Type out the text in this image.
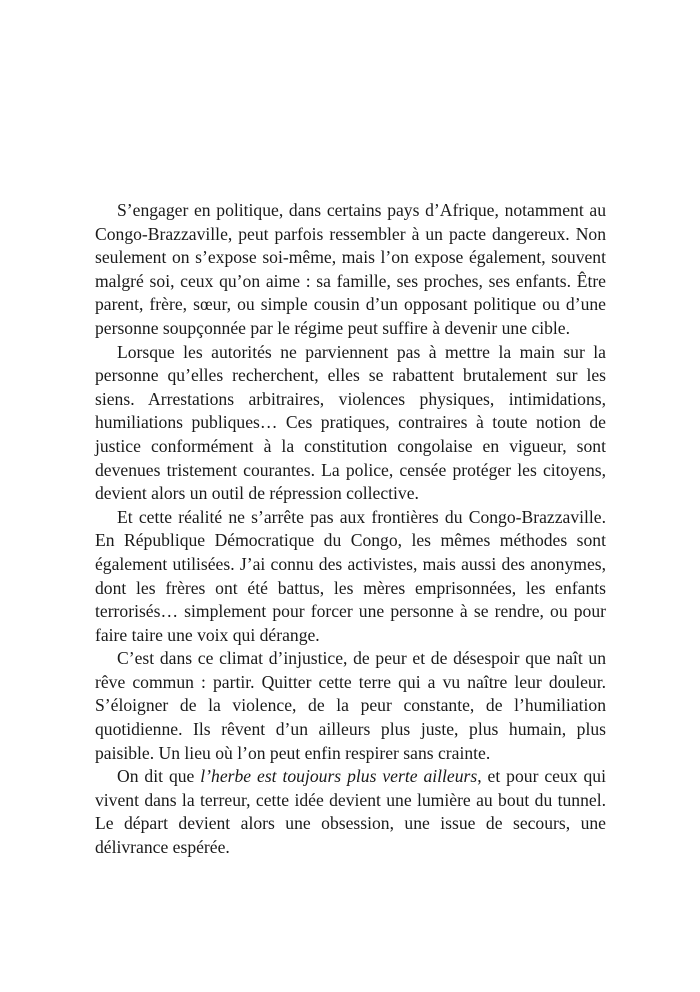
S’engager en politique, dans certains pays d’Afrique, notamment au Congo-Brazzaville, peut parfois ressembler à un pacte dangereux. Non seulement on s’expose soi-même, mais l’on expose également, souvent malgré soi, ceux qu’on aime : sa famille, ses proches, ses enfants. Être parent, frère, sœur, ou simple cousin d’un opposant politique ou d’une personne soupçonnée par le régime peut suffire à devenir une cible.

Lorsque les autorités ne parviennent pas à mettre la main sur la personne qu’elles recherchent, elles se rabattent brutalement sur les siens. Arrestations arbitraires, violences physiques, intimidations, humiliations publiques… Ces pratiques, contraires à toute notion de justice conformément à la constitution congolaise en vigueur, sont devenues tristement courantes. La police, censée protéger les citoyens, devient alors un outil de répression collective.

Et cette réalité ne s’arrête pas aux frontières du Congo-Brazzaville. En République Démocratique du Congo, les mêmes méthodes sont également utilisées. J’ai connu des activistes, mais aussi des anonymes, dont les frères ont été battus, les mères emprisonnées, les enfants terrorisés… simplement pour forcer une personne à se rendre, ou pour faire taire une voix qui dérange.

C’est dans ce climat d’injustice, de peur et de désespoir que naît un rêve commun : partir. Quitter cette terre qui a vu naître leur douleur. S’éloigner de la violence, de la peur constante, de l’humiliation quotidienne. Ils rêvent d’un ailleurs plus juste, plus humain, plus paisible. Un lieu où l’on peut enfin respirer sans crainte.

On dit que l’herbe est toujours plus verte ailleurs, et pour ceux qui vivent dans la terreur, cette idée devient une lumière au bout du tunnel. Le départ devient alors une obsession, une issue de secours, une délivrance espérée.
